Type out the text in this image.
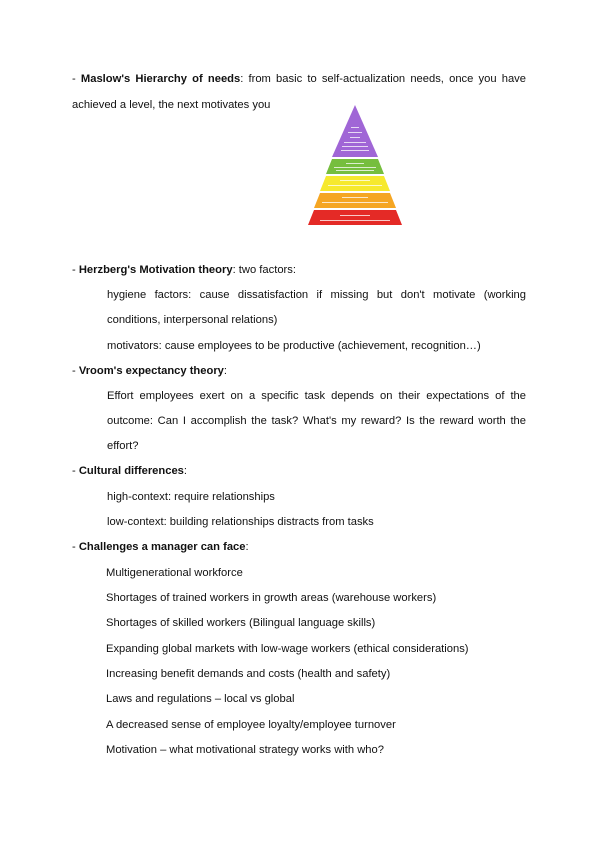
- Maslow's Hierarchy of needs: from basic to self-actualization needs, once you have
achieved a level, the next motivates you
- Herzberg's Motivation theory: two factors:
hygiene factors: cause dissatisfaction if missing but don't motivate (working
conditions, interpersonal relations)
motivators: cause employees to be productive (achievement, recognition…)
- Vroom's expectancy theory:
Effort employees exert on a specific task depends on their expectations of the
outcome: Can I accomplish the task? What's my reward? Is the reward worth the
effort?
- Cultural differences:
high-context: require relationships
low-context: building relationships distracts from tasks
- Challenges a manager can face:
Multigenerational workforce
Shortages of trained workers in growth areas (warehouse workers)
Shortages of skilled workers (Bilingual language skills)
Expanding global markets with low-wage workers (ethical considerations)
Increasing benefit demands and costs (health and safety)
Laws and regulations – local vs global
A decreased sense of employee loyalty/employee turnover
Motivation – what motivational strategy works with who?
